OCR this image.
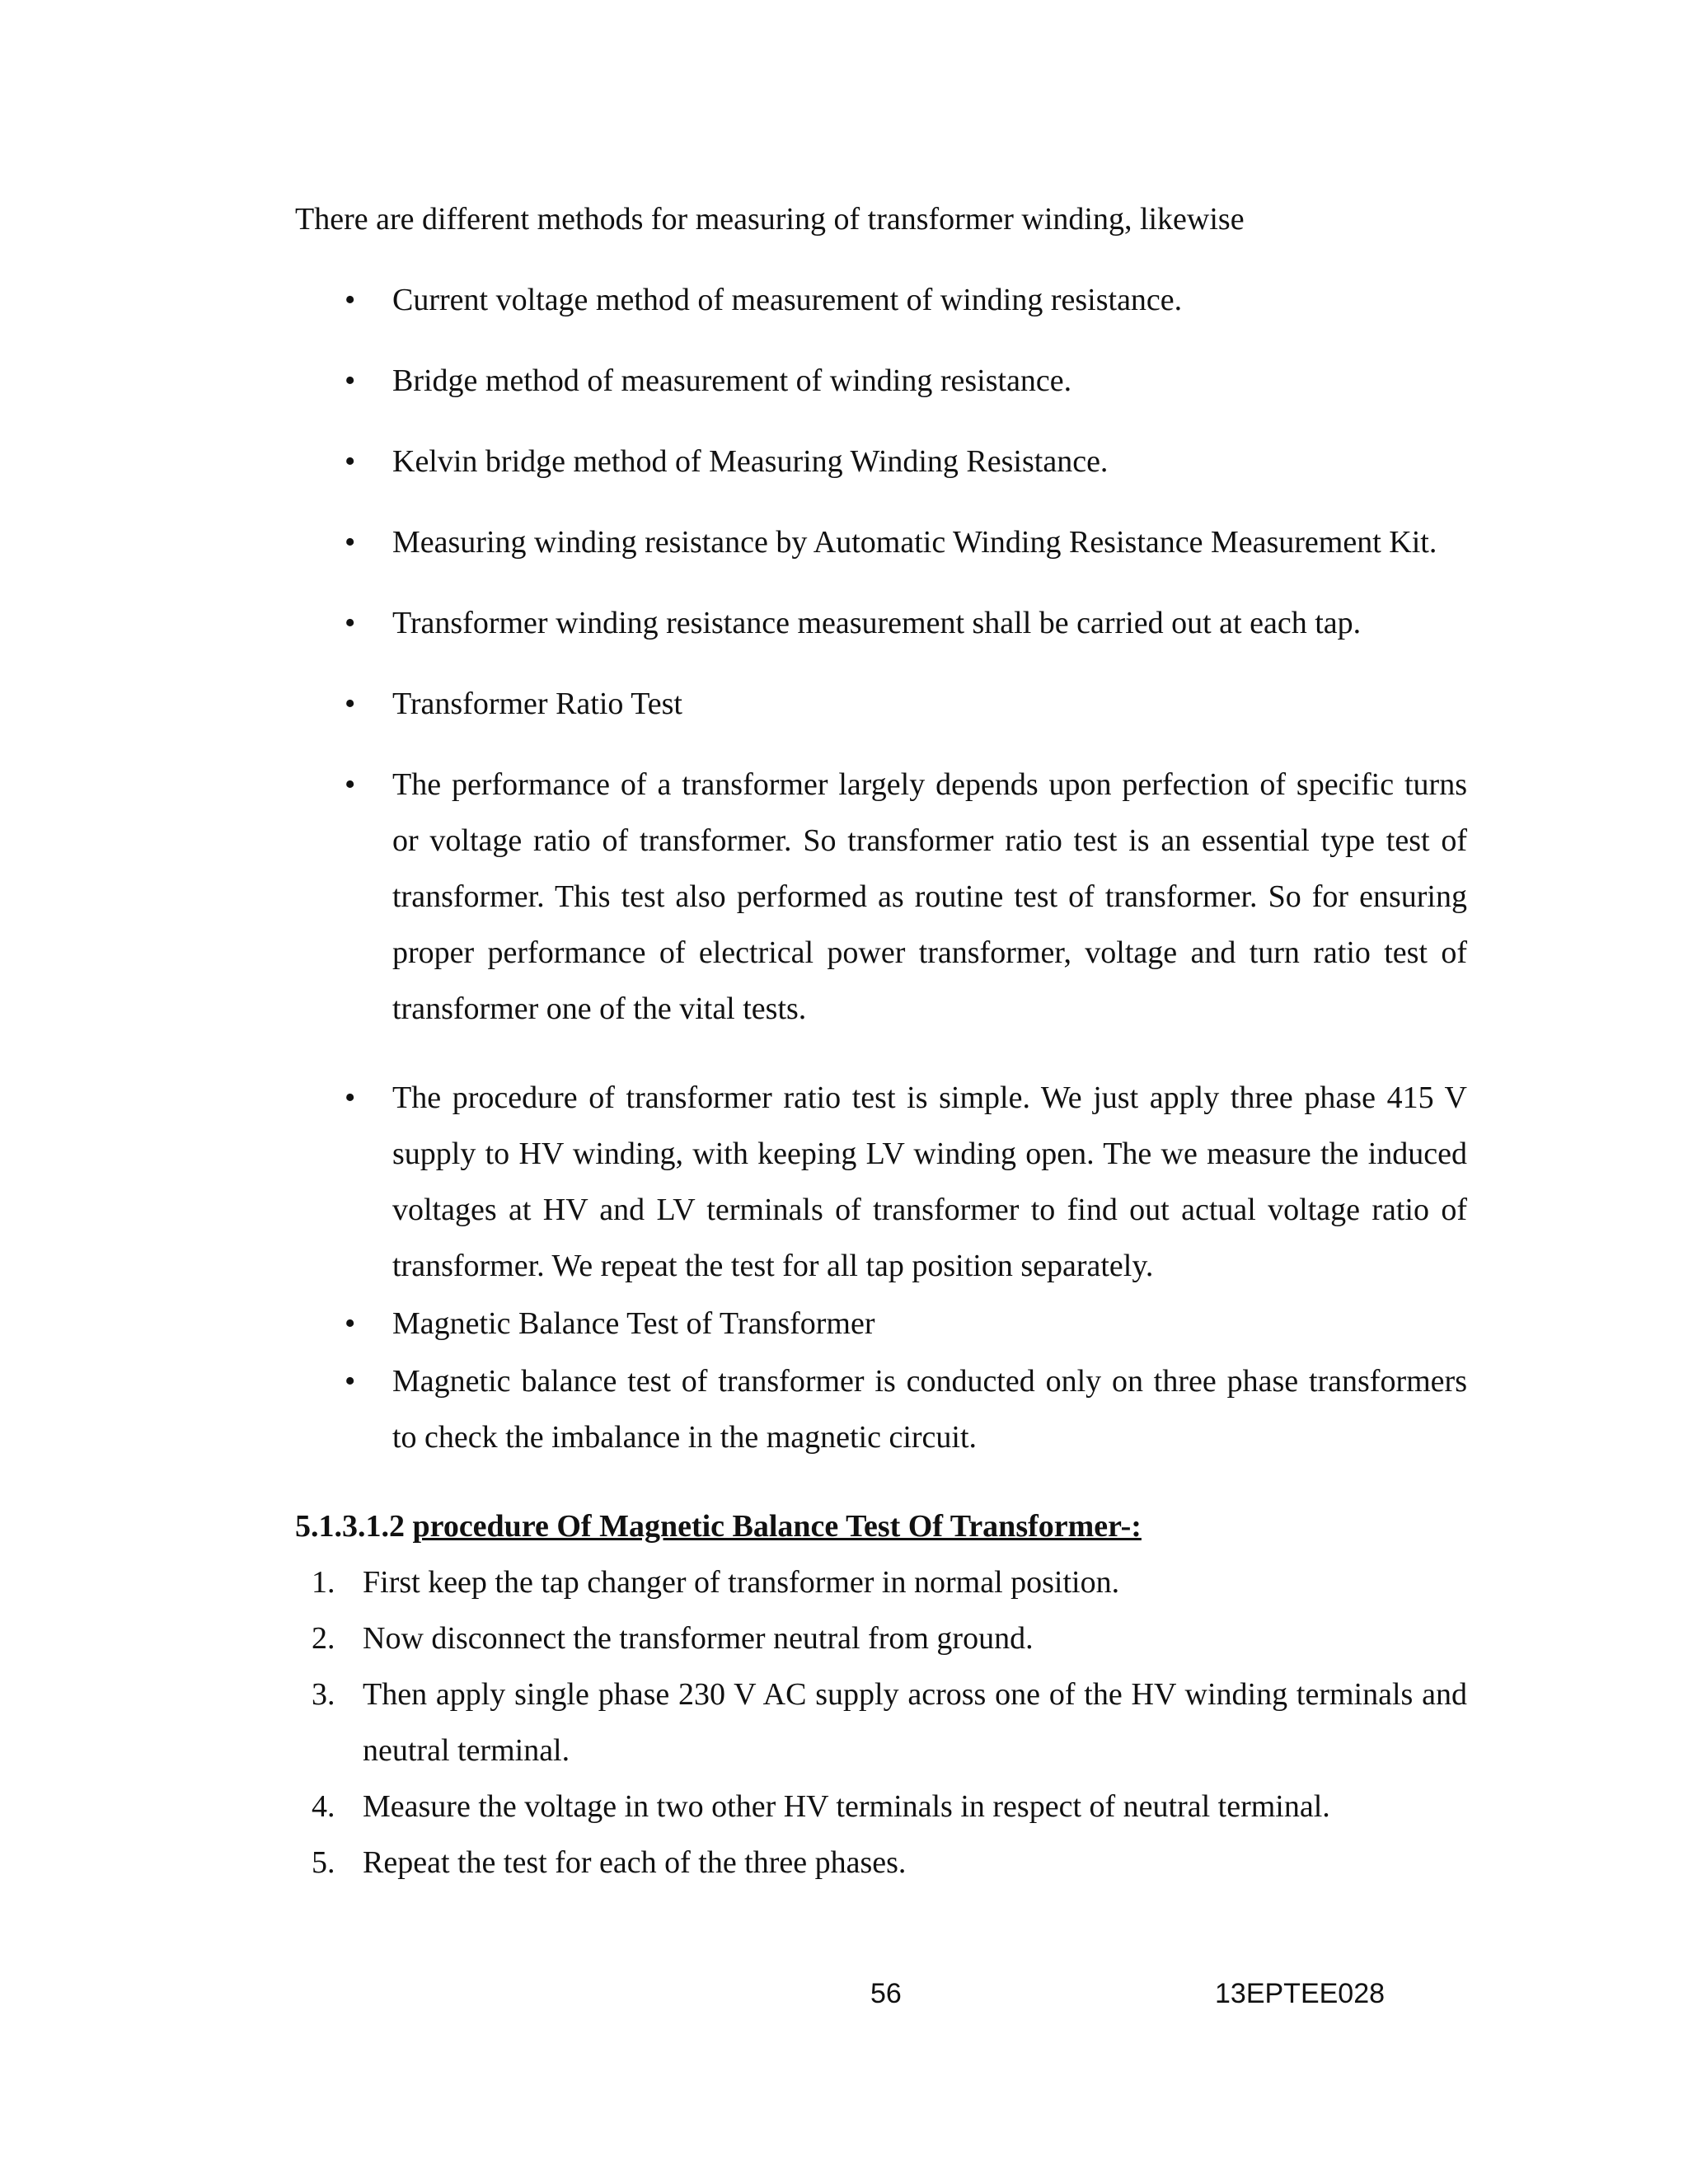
There are different methods for measuring of transformer winding, likewise

• Current voltage method of measurement of winding resistance.
• Bridge method of measurement of winding resistance.
• Kelvin bridge method of Measuring Winding Resistance.
• Measuring winding resistance by Automatic Winding Resistance Measurement Kit.
• Transformer winding resistance measurement shall be carried out at each tap.
• Transformer Ratio Test
• The performance of a transformer largely depends upon perfection of specific turns or voltage ratio of transformer. So transformer ratio test is an essential type test of transformer. This test also performed as routine test of transformer. So for ensuring proper performance of electrical power transformer, voltage and turn ratio test of transformer one of the vital tests.
• The procedure of transformer ratio test is simple. We just apply three phase 415 V supply to HV winding, with keeping LV winding open. The we measure the induced voltages at HV and LV terminals of transformer to find out actual voltage ratio of transformer. We repeat the test for all tap position separately.
• Magnetic Balance Test of Transformer
• Magnetic balance test of transformer is conducted only on three phase transformers to check the imbalance in the magnetic circuit.
5.1.3.1.2 procedure Of Magnetic Balance Test Of Transformer-:
1. First keep the tap changer of transformer in normal position.
2. Now disconnect the transformer neutral from ground.
3. Then apply single phase 230 V AC supply across one of the HV winding terminals and neutral terminal.
4. Measure the voltage in two other HV terminals in respect of neutral terminal.
5. Repeat the test for each of the three phases.
56	13EPTEE028
